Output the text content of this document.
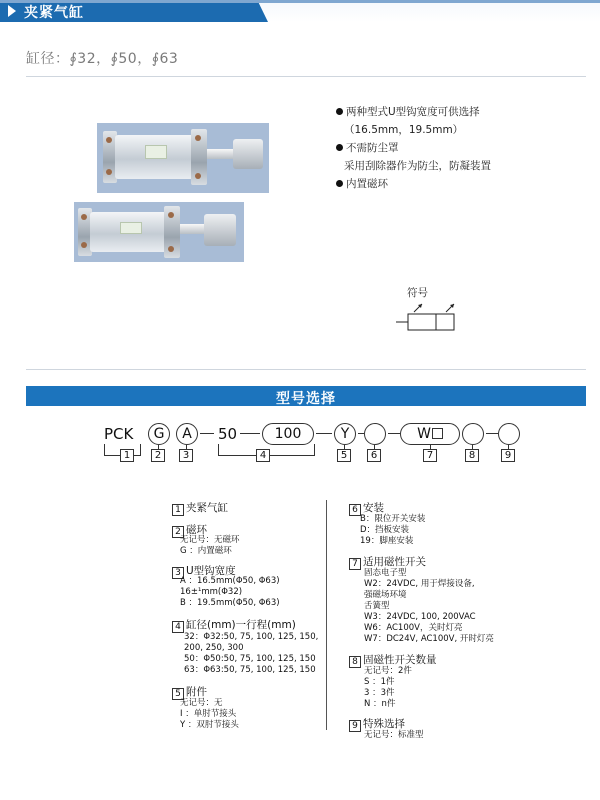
夹紧气缸
缸径：∮32，∮50，∮63
两种型式U型钩宽度可供选择
（16.5mm，19.5mm）
不需防尘罩
采用刮除器作为防尘，防凝装置
内置磁环
符号
型号选择
PCK	G	A	50	100	Y	W
1	2	3	4	5	6	7	8	9
1 夹紧气缸
2 磁环
无记号：无磁环
G ：内置磁环
3 U型钩宽度
A ：16.5mm(Φ50, Φ63)
16±¹mm(Φ32)
B ：19.5mm(Φ50, Φ63)
4 缸径(mm)一行程(mm)
32：Φ32:50, 75, 100, 125, 150,
200, 250, 300
50：Φ50:50, 75, 100, 125, 150
63：Φ63:50, 75, 100, 125, 150
5 附件
无记号：无
I ：单肘节接头
Y ：双肘节接头
6 安装
B：限位开关安装
D：挡板安装
19：脚座安装
7 适用磁性开关
固态电子型
W2：24VDC, 用于焊接设备,
强磁场环境
舌簧型
W3：24VDC, 100, 200VAC
W6：AC100V，关时灯亮
W7：DC24V, AC100V, 开时灯亮
8 固磁性开关数量
无记号：2件
S ：1件
3 ：3件
N ：n件
9 特殊选择
无记号：标准型
